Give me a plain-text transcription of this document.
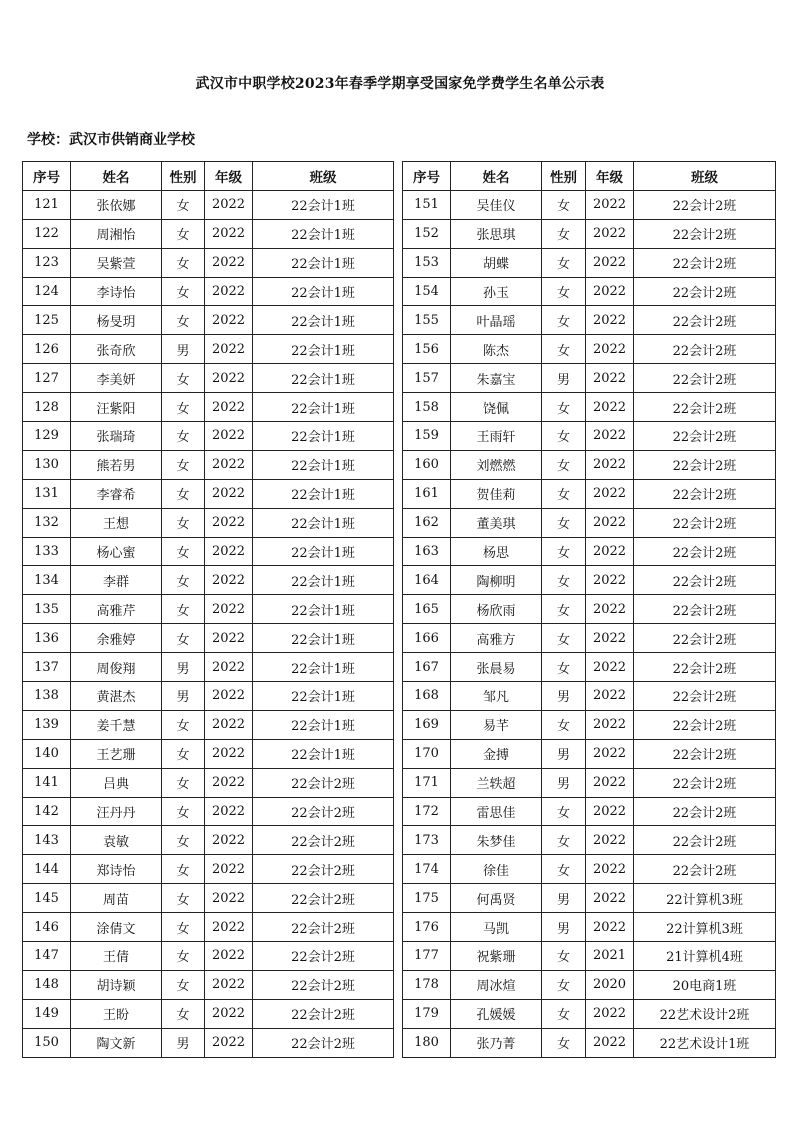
武汉市中职学校2023年春季学期享受国家免学费学生名单公示表
学校：武汉市供销商业学校
序号	姓名	性别	年级	班级
121	张依娜	女	2022	22会计1班
122	周湘怡	女	2022	22会计1班
123	吴紫萱	女	2022	22会计1班
124	李诗怡	女	2022	22会计1班
125	杨旻玥	女	2022	22会计1班
126	张奇欣	男	2022	22会计1班
127	李美妍	女	2022	22会计1班
128	汪紫阳	女	2022	22会计1班
129	张瑞琦	女	2022	22会计1班
130	熊若男	女	2022	22会计1班
131	李睿希	女	2022	22会计1班
132	王想	女	2022	22会计1班
133	杨心蜜	女	2022	22会计1班
134	李群	女	2022	22会计1班
135	高雅芹	女	2022	22会计1班
136	余雅婷	女	2022	22会计1班
137	周俊翔	男	2022	22会计1班
138	黄湛杰	男	2022	22会计1班
139	姜千慧	女	2022	22会计1班
140	王艺珊	女	2022	22会计1班
141	吕典	女	2022	22会计2班
142	汪丹丹	女	2022	22会计2班
143	袁敏	女	2022	22会计2班
144	郑诗怡	女	2022	22会计2班
145	周苗	女	2022	22会计2班
146	涂倩文	女	2022	22会计2班
147	王倩	女	2022	22会计2班
148	胡诗颖	女	2022	22会计2班
149	王盼	女	2022	22会计2班
150	陶文新	男	2022	22会计2班
序号	姓名	性别	年级	班级
151	吴佳仪	女	2022	22会计2班
152	张思琪	女	2022	22会计2班
153	胡蝶	女	2022	22会计2班
154	孙玉	女	2022	22会计2班
155	叶晶瑶	女	2022	22会计2班
156	陈杰	女	2022	22会计2班
157	朱嘉宝	男	2022	22会计2班
158	饶佩	女	2022	22会计2班
159	王雨轩	女	2022	22会计2班
160	刘燃燃	女	2022	22会计2班
161	贺佳莉	女	2022	22会计2班
162	董美琪	女	2022	22会计2班
163	杨思	女	2022	22会计2班
164	陶柳明	女	2022	22会计2班
165	杨欣雨	女	2022	22会计2班
166	高雅方	女	2022	22会计2班
167	张晨易	女	2022	22会计2班
168	邹凡	男	2022	22会计2班
169	易芊	女	2022	22会计2班
170	金搏	男	2022	22会计2班
171	兰轶超	男	2022	22会计2班
172	雷思佳	女	2022	22会计2班
173	朱梦佳	女	2022	22会计2班
174	徐佳	女	2022	22会计2班
175	何禹贤	男	2022	22计算机3班
176	马凯	男	2022	22计算机3班
177	祝紫珊	女	2021	21计算机4班
178	周冰煊	女	2020	20电商1班
179	孔媛媛	女	2022	22艺术设计2班
180	张乃菁	女	2022	22艺术设计1班
